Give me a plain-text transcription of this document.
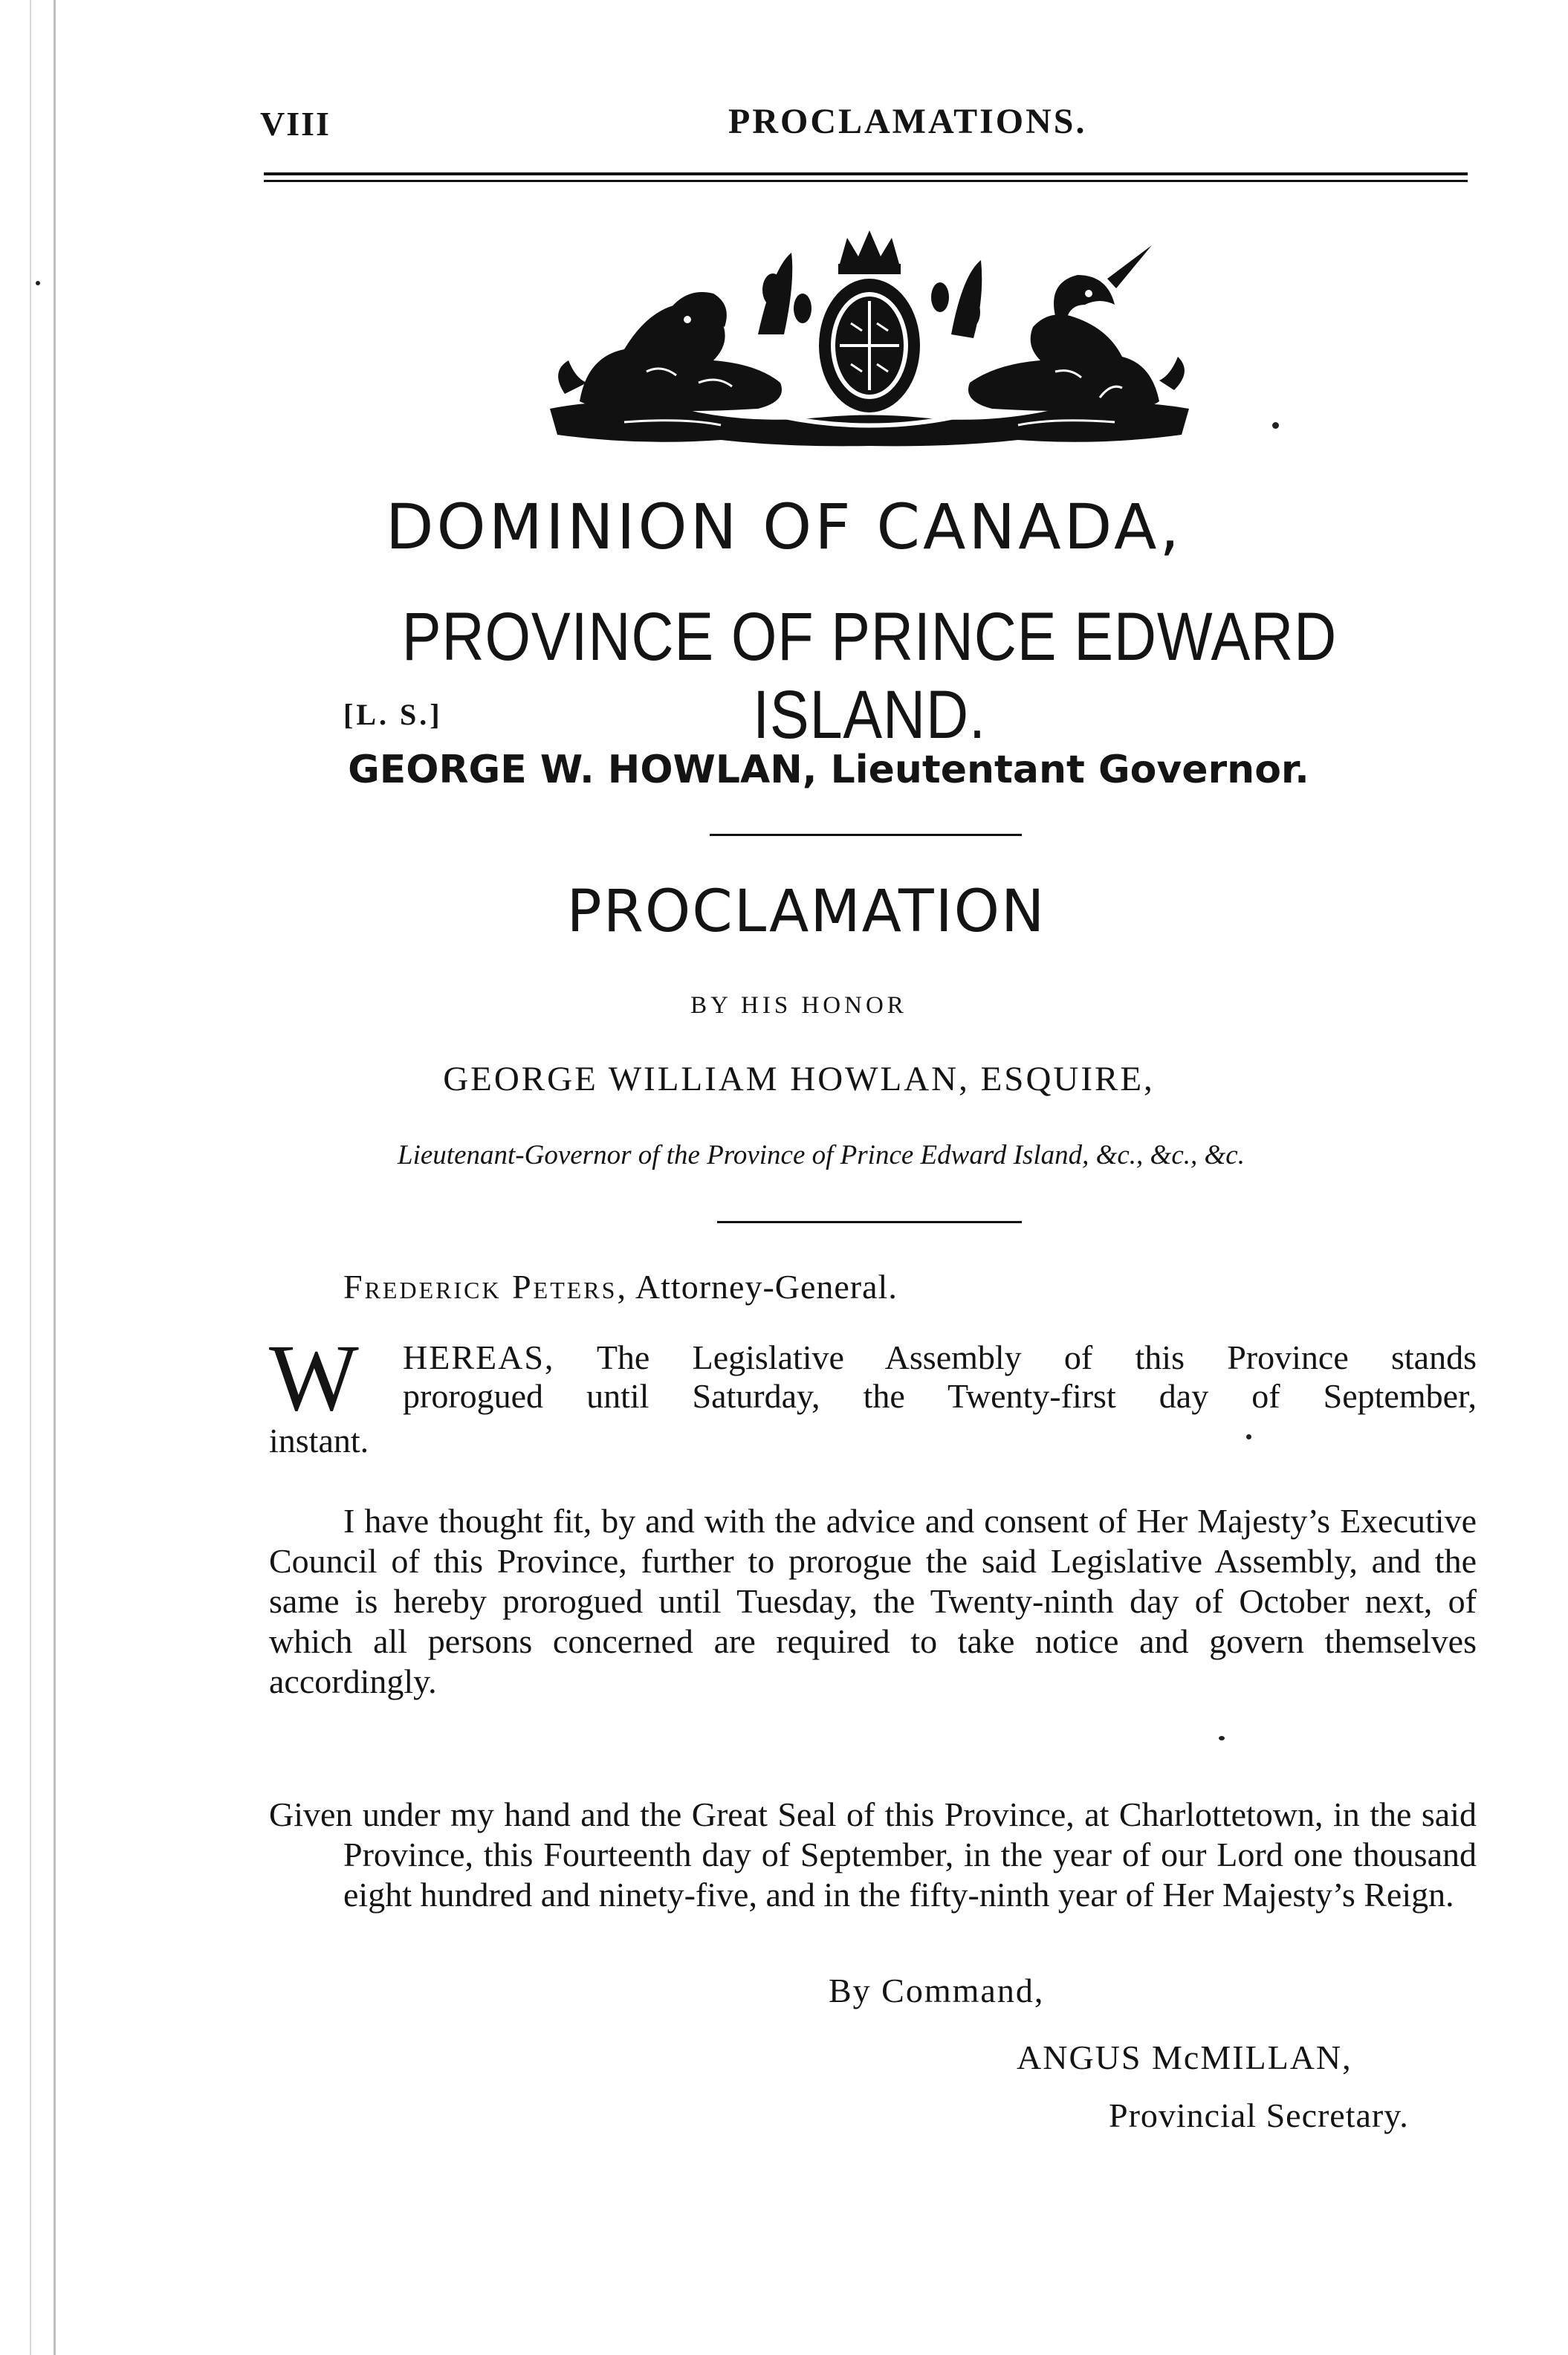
VIII	PROCLAMATIONS.
DOMINION OF CANADA,
PROVINCE OF PRINCE EDWARD ISLAND.
[L. S.]
GEORGE W. HOWLAN, Lieutentant Governor.
PROCLAMATION
BY HIS HONOR
GEORGE WILLIAM HOWLAN, ESQUIRE,
Lieutenant-Governor of the Province of Prince Edward Island, &c., &c., &c.
Frederick Peters, Attorney-General.
W HEREAS, The Legislative Assembly of this Province stands
prorogued until Saturday, the Twenty-first day of September,
instant.
I have thought fit, by and with the advice and consent of Her Majesty’s Executive Council of this Province, further to prorogue the said Legislative Assembly, and the same is hereby prorogued until Tuesday, the Twenty-ninth day of October next, of which all persons concerned are required to take notice and govern themselves accordingly.
Given under my hand and the Great Seal of this Province, at Charlottetown, in the said Province, this Fourteenth day of September, in the year of our Lord one thousand eight hundred and ninety-five, and in the fifty-ninth year of Her Majesty’s Reign.
By Command,
ANGUS McMILLAN,
Provincial Secretary.
